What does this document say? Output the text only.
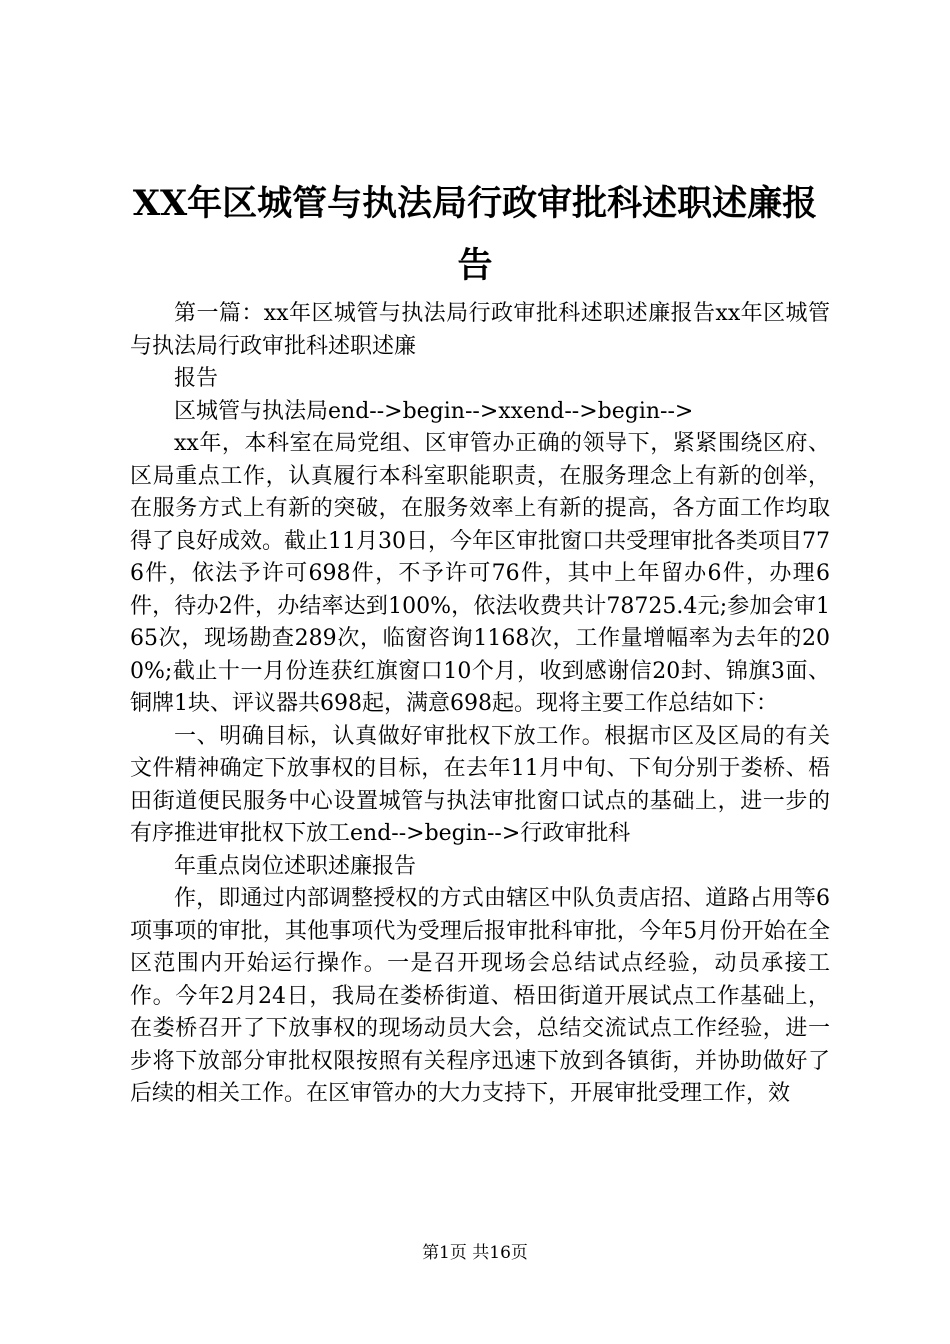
XX年区城管与执法局行政审批科述职述廉报
告

第一篇：xx年区城管与执法局行政审批科述职述廉报告xx年区城管与执法局行政审批科述职述廉

报告

区城管与执法局end-->begin-->xxend-->begin-->

xx年，本科室在局党组、区审管办正确的领导下，紧紧围绕区府、区局重点工作，认真履行本科室职能职责，在服务理念上有新的创举，在服务方式上有新的突破，在服务效率上有新的提高，各方面工作均取得了良好成效。截止11月30日，今年区审批窗口共受理审批各类项目776件，依法予许可698件，不予许可76件，其中上年留办6件，办理6件，待办2件，办结率达到100%，依法收费共计78725.4元;参加会审165次，现场勘查289次，临窗咨询1168次，工作量增幅率为去年的200%;截止十一月份连获红旗窗口10个月，收到感谢信20封、锦旗3面、铜牌1块、评议器共698起，满意698起。现将主要工作总结如下：

一、明确目标，认真做好审批权下放工作。根据市区及区局的有关文件精神确定下放事权的目标，在去年11月中旬、下旬分别于娄桥、梧田街道便民服务中心设置城管与执法审批窗口试点的基础上，进一步的有序推进审批权下放工end-->begin-->行政审批科

年重点岗位述职述廉报告

作，即通过内部调整授权的方式由辖区中队负责店招、道路占用等6项事项的审批，其他事项代为受理后报审批科审批，今年5月份开始在全区范围内开始运行操作。一是召开现场会总结试点经验，动员承接工作。今年2月24日，我局在娄桥街道、梧田街道开展试点工作基础上，在娄桥召开了下放事权的现场动员大会，总结交流试点工作经验，进一步将下放部分审批权限按照有关程序迅速下放到各镇街，并协助做好了后续的相关工作。在区审管办的大力支持下，开展审批受理工作，效

第1页 共16页
